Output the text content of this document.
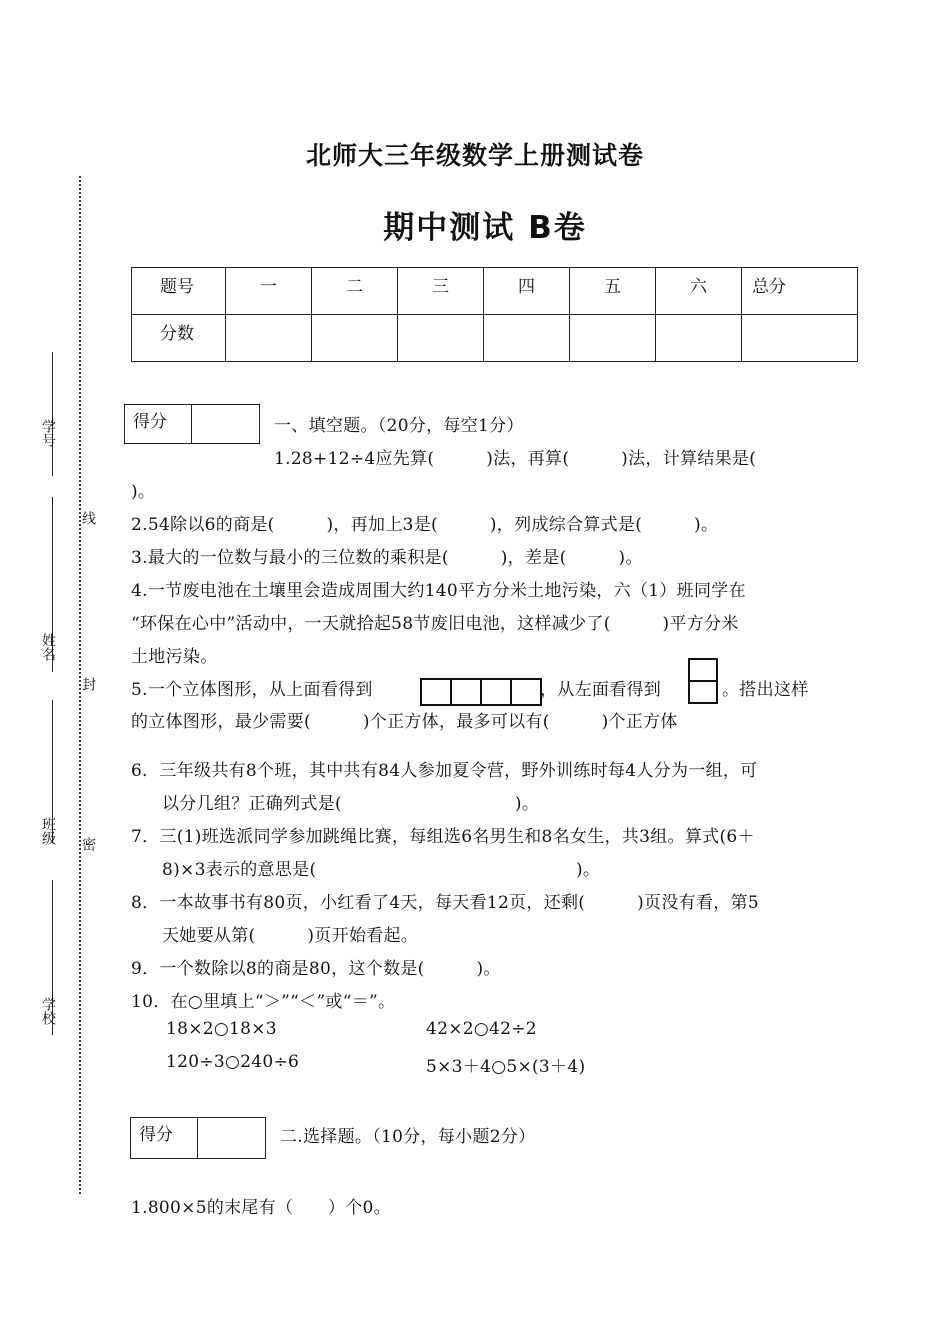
北师大三年级数学上册测试卷
期中测试 B卷
题号	一	二	三	四	五	六	总分
分数							
学号
线
姓名
封
班级 密
学校
得分	一、填空题。（20分，每空1分）
1.28+12÷4应先算(　　　)法，再算(　　　)法，计算结果是(
)。
2.54除以6的商是(　　　)，再加上3是(　　　)，列成综合算式是(　　　)。
3.最大的一位数与最小的三位数的乘积是(　　　)，差是(　　　)。
4.一节废电池在土壤里会造成周围大约140平方分米土地污染，六（1）班同学在
“环保在心中”活动中，一天就拾起58节废旧电池，这样减少了(　　　)平方分米
土地污染。
5.一个立体图形，从上面看得到	，从左面看得到	。搭出这样
的立体图形，最少需要(　　　)个正方体，最多可以有(　　　)个正方体
6．三年级共有8个班，其中共有84人参加夏令营，野外训练时每4人分为一组，可
以分几组？正确列式是(　　　　　　　　　　)。
7．三(1)班选派同学参加跳绳比赛，每组选6名男生和8名女生，共3组。算式(6＋
8)×3表示的意思是(　　　　　　　　　　　　　　　)。
8．一本故事书有80页，小红看了4天，每天看12页，还剩(　　　)页没有看，第5
天她要从第(　　　)页开始看起。
9．一个数除以8的商是80，这个数是(　　　)。
10．在○里填上“＞”“＜”或“＝”。
18×2○18×3	42×2○42÷2
120÷3○240÷6	5×3＋4○5×(3＋4)
得分	二.选择题。（10分，每小题2分）
1.800×5的末尾有（　　）个0。
